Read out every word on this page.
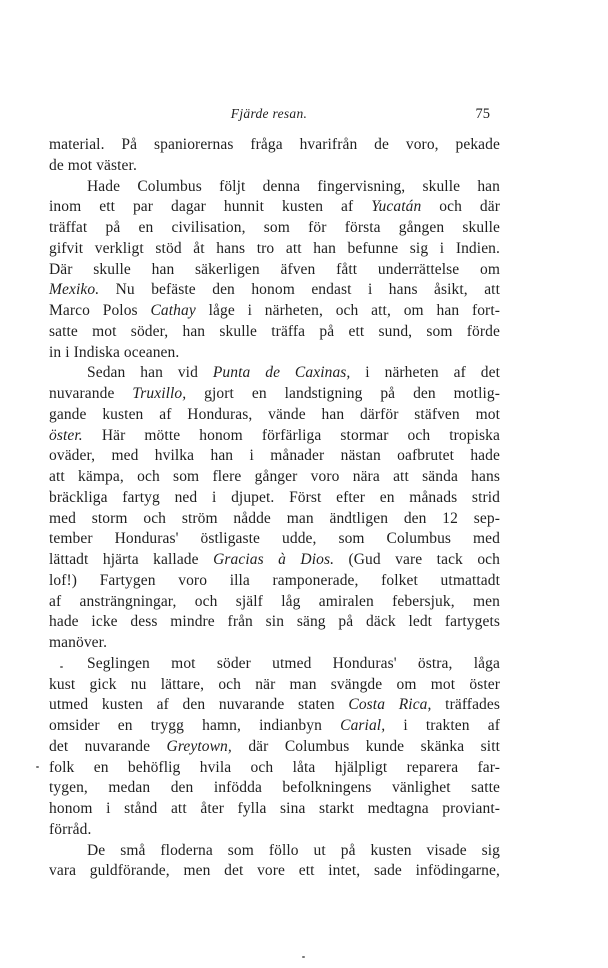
Fjärde resan.	75
material. På spaniorernas fråga hvarifrån de voro, pekade
de mot väster.
Hade Columbus följt denna fingervisning, skulle han
inom ett par dagar hunnit kusten af Yucatán och där
träffat på en civilisation, som för första gången skulle
gifvit verkligt stöd åt hans tro att han befunne sig i Indien.
Där skulle han säkerligen äfven fått underrättelse om
Mexiko. Nu befäste den honom endast i hans åsikt, att
Marco Polos Cathay låge i närheten, och att, om han fort-
satte mot söder, han skulle träffa på ett sund, som förde
in i Indiska oceanen.
Sedan han vid Punta de Caxinas, i närheten af det
nuvarande Truxillo, gjort en landstigning på den motlig-
gande kusten af Honduras, vände han därför stäfven mot
öster. Här mötte honom förfärliga stormar och tropiska
oväder, med hvilka han i månader nästan oafbrutet hade
att kämpa, och som flere gånger voro nära att sända hans
bräckliga fartyg ned i djupet. Först efter en månads strid
med storm och ström nådde man ändtligen den 12 sep-
tember Honduras' östligaste udde, som Columbus med
lättadt hjärta kallade Gracias à Dios. (Gud vare tack och
lof!) Fartygen voro illa ramponerade, folket utmattadt
af ansträngningar, och själf låg amiralen febersjuk, men
hade icke dess mindre från sin säng på däck ledt fartygets
manöver.
Seglingen mot söder utmed Honduras' östra, låga
kust gick nu lättare, och när man svängde om mot öster
utmed kusten af den nuvarande staten Costa Rica, träffades
omsider en trygg hamn, indianbyn Carial, i trakten af
det nuvarande Greytown, där Columbus kunde skänka sitt
folk en behöflig hvila och låta hjälpligt reparera far-
tygen, medan den infödda befolkningens vänlighet satte
honom i stånd att åter fylla sina starkt medtagna proviant-
förråd.
De små floderna som föllo ut på kusten visade sig
vara guldförande, men det vore ett intet, sade infödingarne,
